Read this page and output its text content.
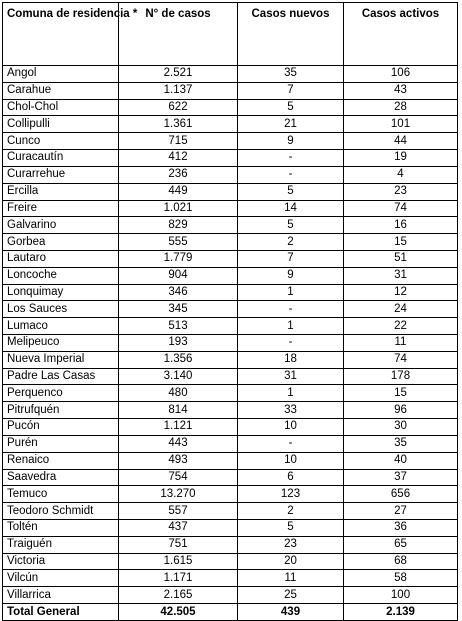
Comuna de residencia *	N° de casos	Casos nuevos	Casos activos
Angol	2.521	35	106
Carahue	1.137	7	43
Chol-Chol	622	5	28
Collipulli	1.361	21	101
Cunco	715	9	44
Curacautín	412	-	19
Curarrehue	236	-	4
Ercilla	449	5	23
Freire	1.021	14	74
Galvarino	829	5	16
Gorbea	555	2	15
Lautaro	1.779	7	51
Loncoche	904	9	31
Lonquimay	346	1	12
Los Sauces	345	-	24
Lumaco	513	1	22
Melipeuco	193	-	11
Nueva Imperial	1.356	18	74
Padre Las Casas	3.140	31	178
Perquenco	480	1	15
Pitrufquén	814	33	96
Pucón	1.121	10	30
Purén	443	-	35
Renaico	493	10	40
Saavedra	754	6	37
Temuco	13.270	123	656
Teodoro Schmidt	557	2	27
Toltén	437	5	36
Traiguén	751	23	65
Victoria	1.615	20	68
Vilcún	1.171	11	58
Villarrica	2.165	25	100
Total General	42.505	439	2.139
